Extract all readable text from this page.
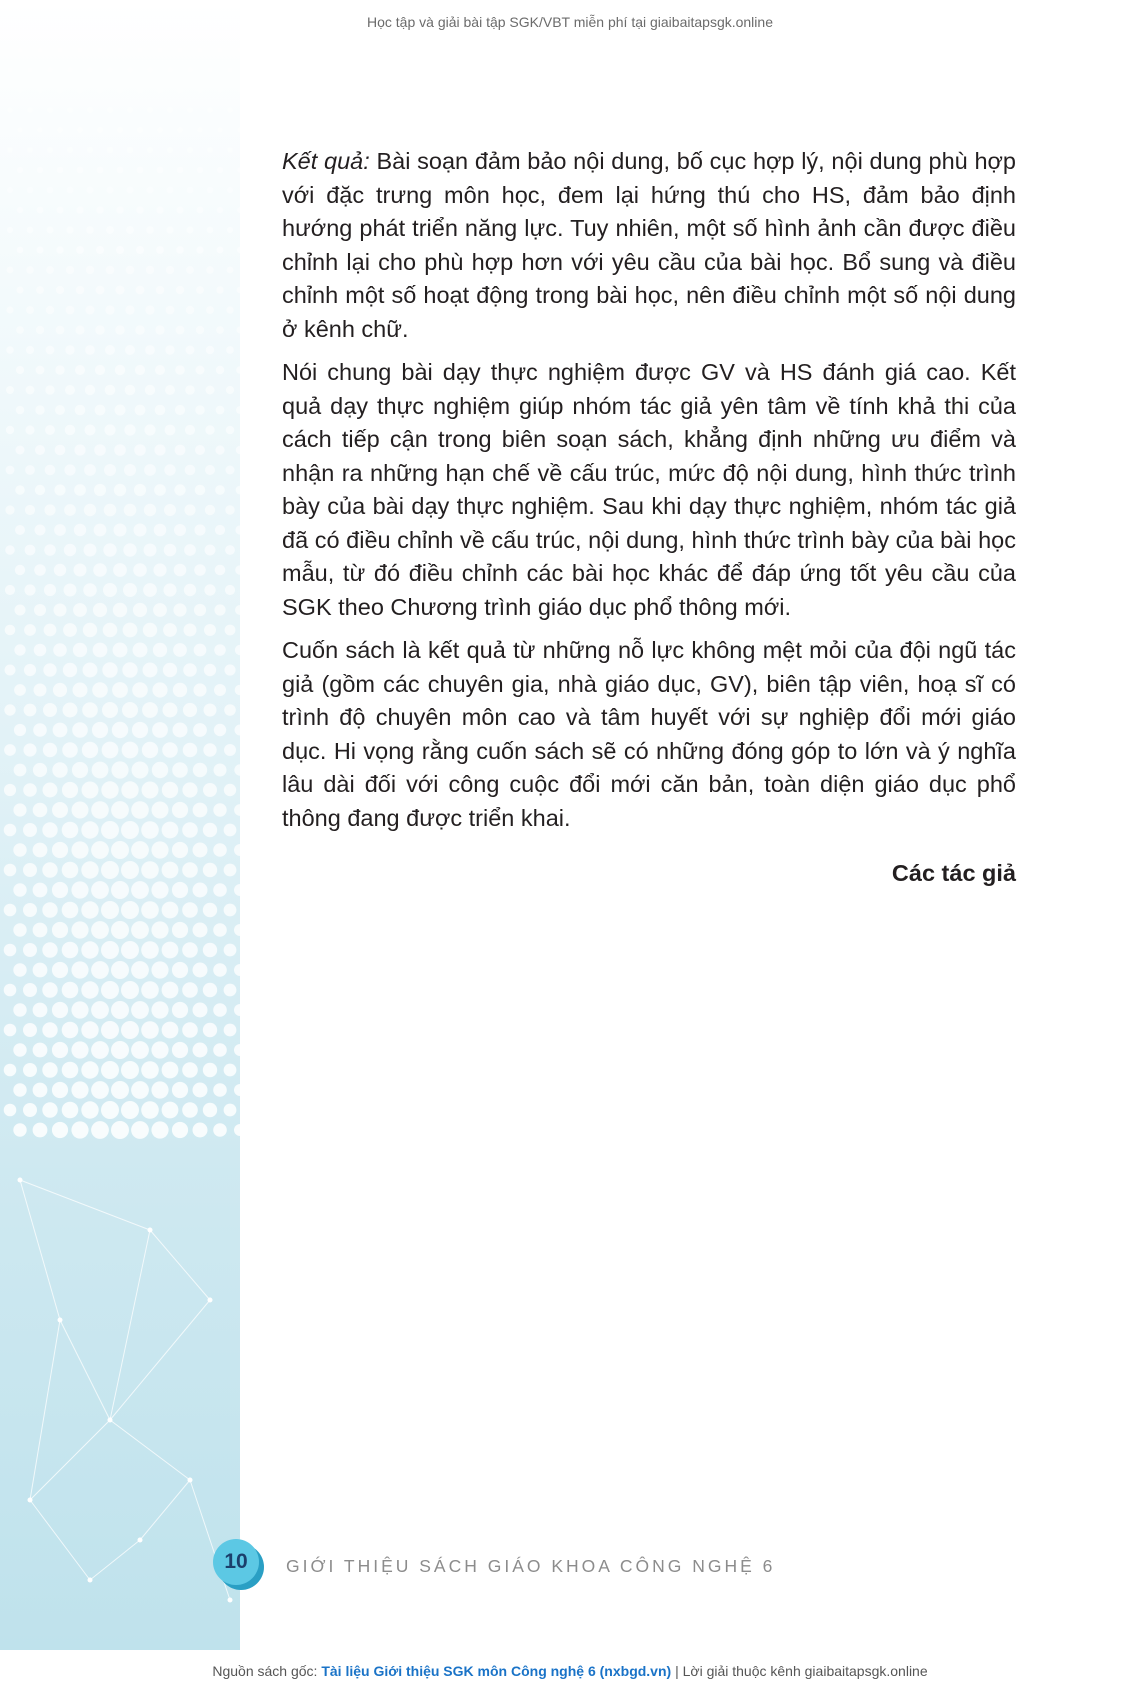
Học tập và giải bài tập SGK/VBT miễn phí tại giaibaitapsgk.online

Kết quả: Bài soạn đảm bảo nội dung, bố cục hợp lý, nội dung phù hợp với đặc trưng môn học, đem lại hứng thú cho HS, đảm bảo định hướng phát triển năng lực. Tuy nhiên, một số hình ảnh cần được điều chỉnh lại cho phù hợp hơn với yêu cầu của bài học. Bổ sung và điều chỉnh một số hoạt động trong bài học, nên điều chỉnh một số nội dung ở kênh chữ.

Nói chung bài dạy thực nghiệm được GV và HS đánh giá cao. Kết quả dạy thực nghiệm giúp nhóm tác giả yên tâm về tính khả thi của cách tiếp cận trong biên soạn sách, khẳng định những ưu điểm và nhận ra những hạn chế về cấu trúc, mức độ nội dung, hình thức trình bày của bài dạy thực nghiệm. Sau khi dạy thực nghiệm, nhóm tác giả đã có điều chỉnh về cấu trúc, nội dung, hình thức trình bày của bài học mẫu, từ đó điều chỉnh các bài học khác để đáp ứng tốt yêu cầu của SGK theo Chương trình giáo dục phổ thông mới.

Cuốn sách là kết quả từ những nỗ lực không mệt mỏi của đội ngũ tác giả (gồm các chuyên gia, nhà giáo dục, GV), biên tập viên, hoạ sĩ có trình độ chuyên môn cao và tâm huyết với sự nghiệp đổi mới giáo dục. Hi vọng rằng cuốn sách sẽ có những đóng góp to lớn và ý nghĩa lâu dài đối với công cuộc đổi mới căn bản, toàn diện giáo dục phổ thông đang được triển khai.

Các tác giả
10	GIỚI THIỆU SÁCH GIÁO KHOA CÔNG NGHỆ 6
Nguồn sách gốc: Tài liệu Giới thiệu SGK môn Công nghệ 6 (nxbgd.vn) | Lời giải thuộc kênh giaibaitapsgk.online
